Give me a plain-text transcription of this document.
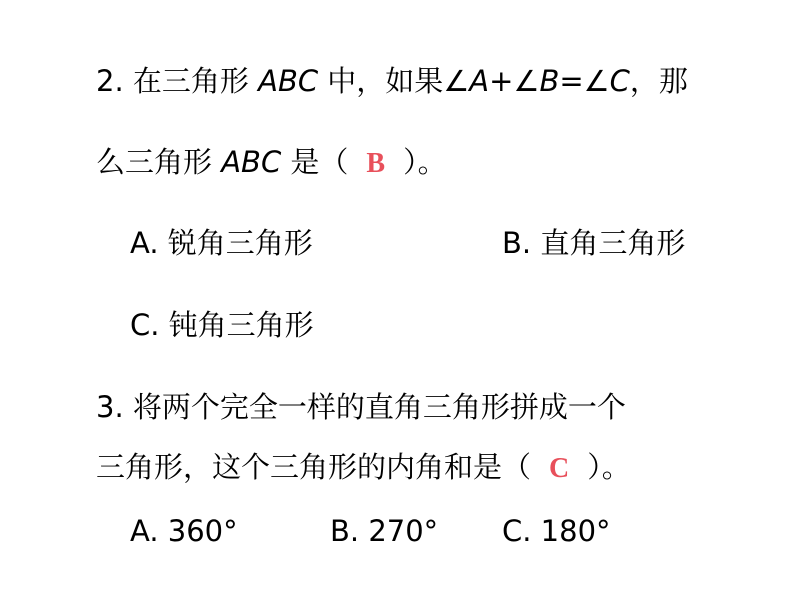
2. 在三角形 ABC 中，如果∠A+∠B=∠C，那
么三角形 ABC 是（ B ）。
A. 锐角三角形	B. 直角三角形
C. 钝角三角形
3. 将两个完全一样的直角三角形拼成一个
三角形，这个三角形的内角和是（ C ）。
A. 360°	B. 270° C. 180°
